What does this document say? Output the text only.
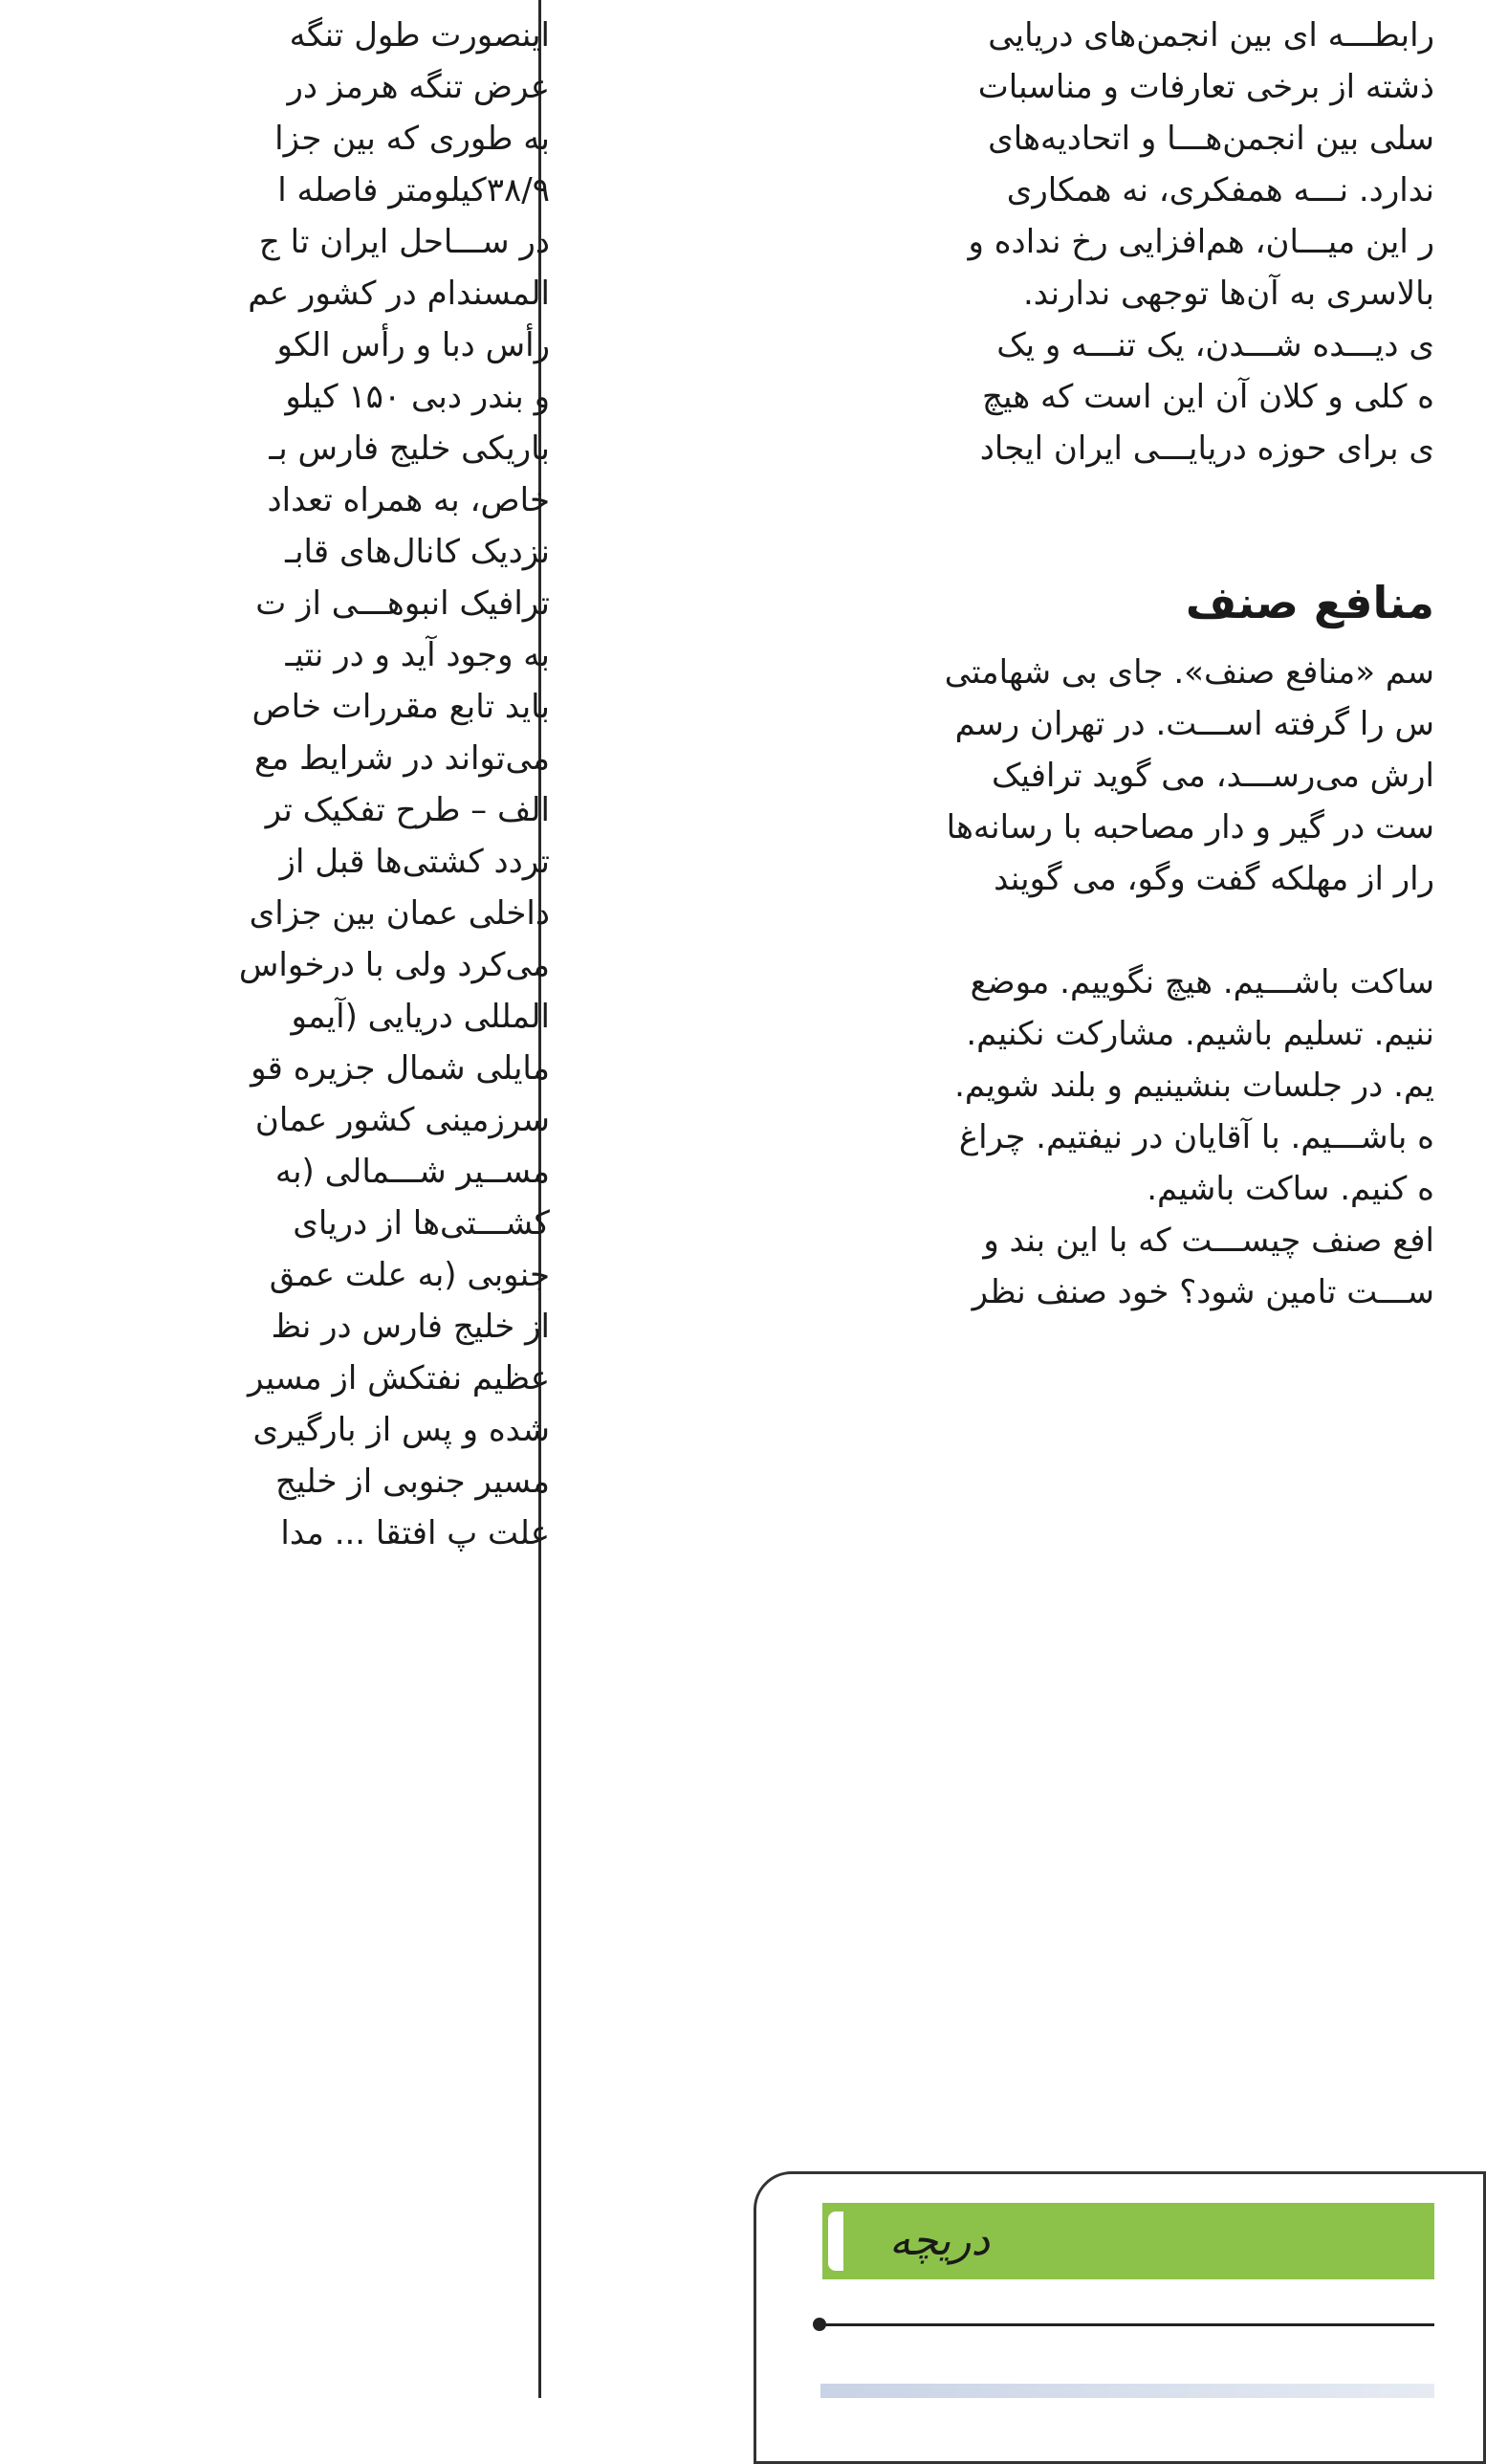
اینصورت طول تنگه
عرض تنگه هرمز در
به طوری که بین جزا
۳۸/۹کیلومتر فاصله ا
در ســـاحل ایران تا ج
المسندام در کشور عم
رأس دبا و رأس الکو
و بندر دبی ۱۵۰ کیلو
باریکی خلیج فارس بـ
خاص، به همراه تعداد
نزدیک کانال‌های قابـ
ترافیک انبوهـــی از ت
به وجود آید و در نتیـ
باید تابع مقررات خاص
می‌تواند در شرایط مع
الف – طرح تفکیک تر
تردد کشتی‌ها قبل از
داخلی عمان بین جزای
می‌کرد ولی با درخواس
المللی دریایی (آیمو
مایلی شمال جزیره قو
سرزمینی کشور عمان
مســیر شـــمالی (به
کشـــتی‌ها از دریای
جنوبی (به علت عمق
از خلیج فارس در نظ
عظیم نفتکش از مسیر
شده و پس از بارگیری
مسیر جنوبی از خلیج
علت پ افتقا ... مدا
رابطـــه ای بین انجمن‌های دریایی
ذشته از برخی تعارفات و مناسبات
سلی بین انجمن‌هـــا و اتحادیه‌های
ندارد. نـــه همفکری، نه همکاری
ر این میـــان، هم‌افزایی رخ نداده و
بالاسری به آن‌ها توجهی ندارند.
ی دیـــده شـــدن، یک تنـــه و یک
ه کلی و کلان آن این است که هیچ
ی برای حوزه دریایـــی ایران ایجاد
منافع صنف
سم «منافع صنف». جای بی شهامتی
س را گرفته اســـت. در تهران رسم
ارش می‌رســـد، می گوید ترافیک
ست در گیر و دار مصاحبه با رسانه‌ها
رار از مهلکه گفت وگو، می گویند
ساکت باشـــیم. هیچ نگوییم. موضع
ننیم. تسلیم باشیم. مشارکت نکنیم.
یم. در جلسات بنشینیم و بلند شویم.
ه باشـــیم. با آقایان در نیفتیم. چراغ
ه کنیم. ساکت باشیم.
افع صنف چیســـت که با این بند و
ســـت تامین شود؟ خود صنف نظر
دریچه
